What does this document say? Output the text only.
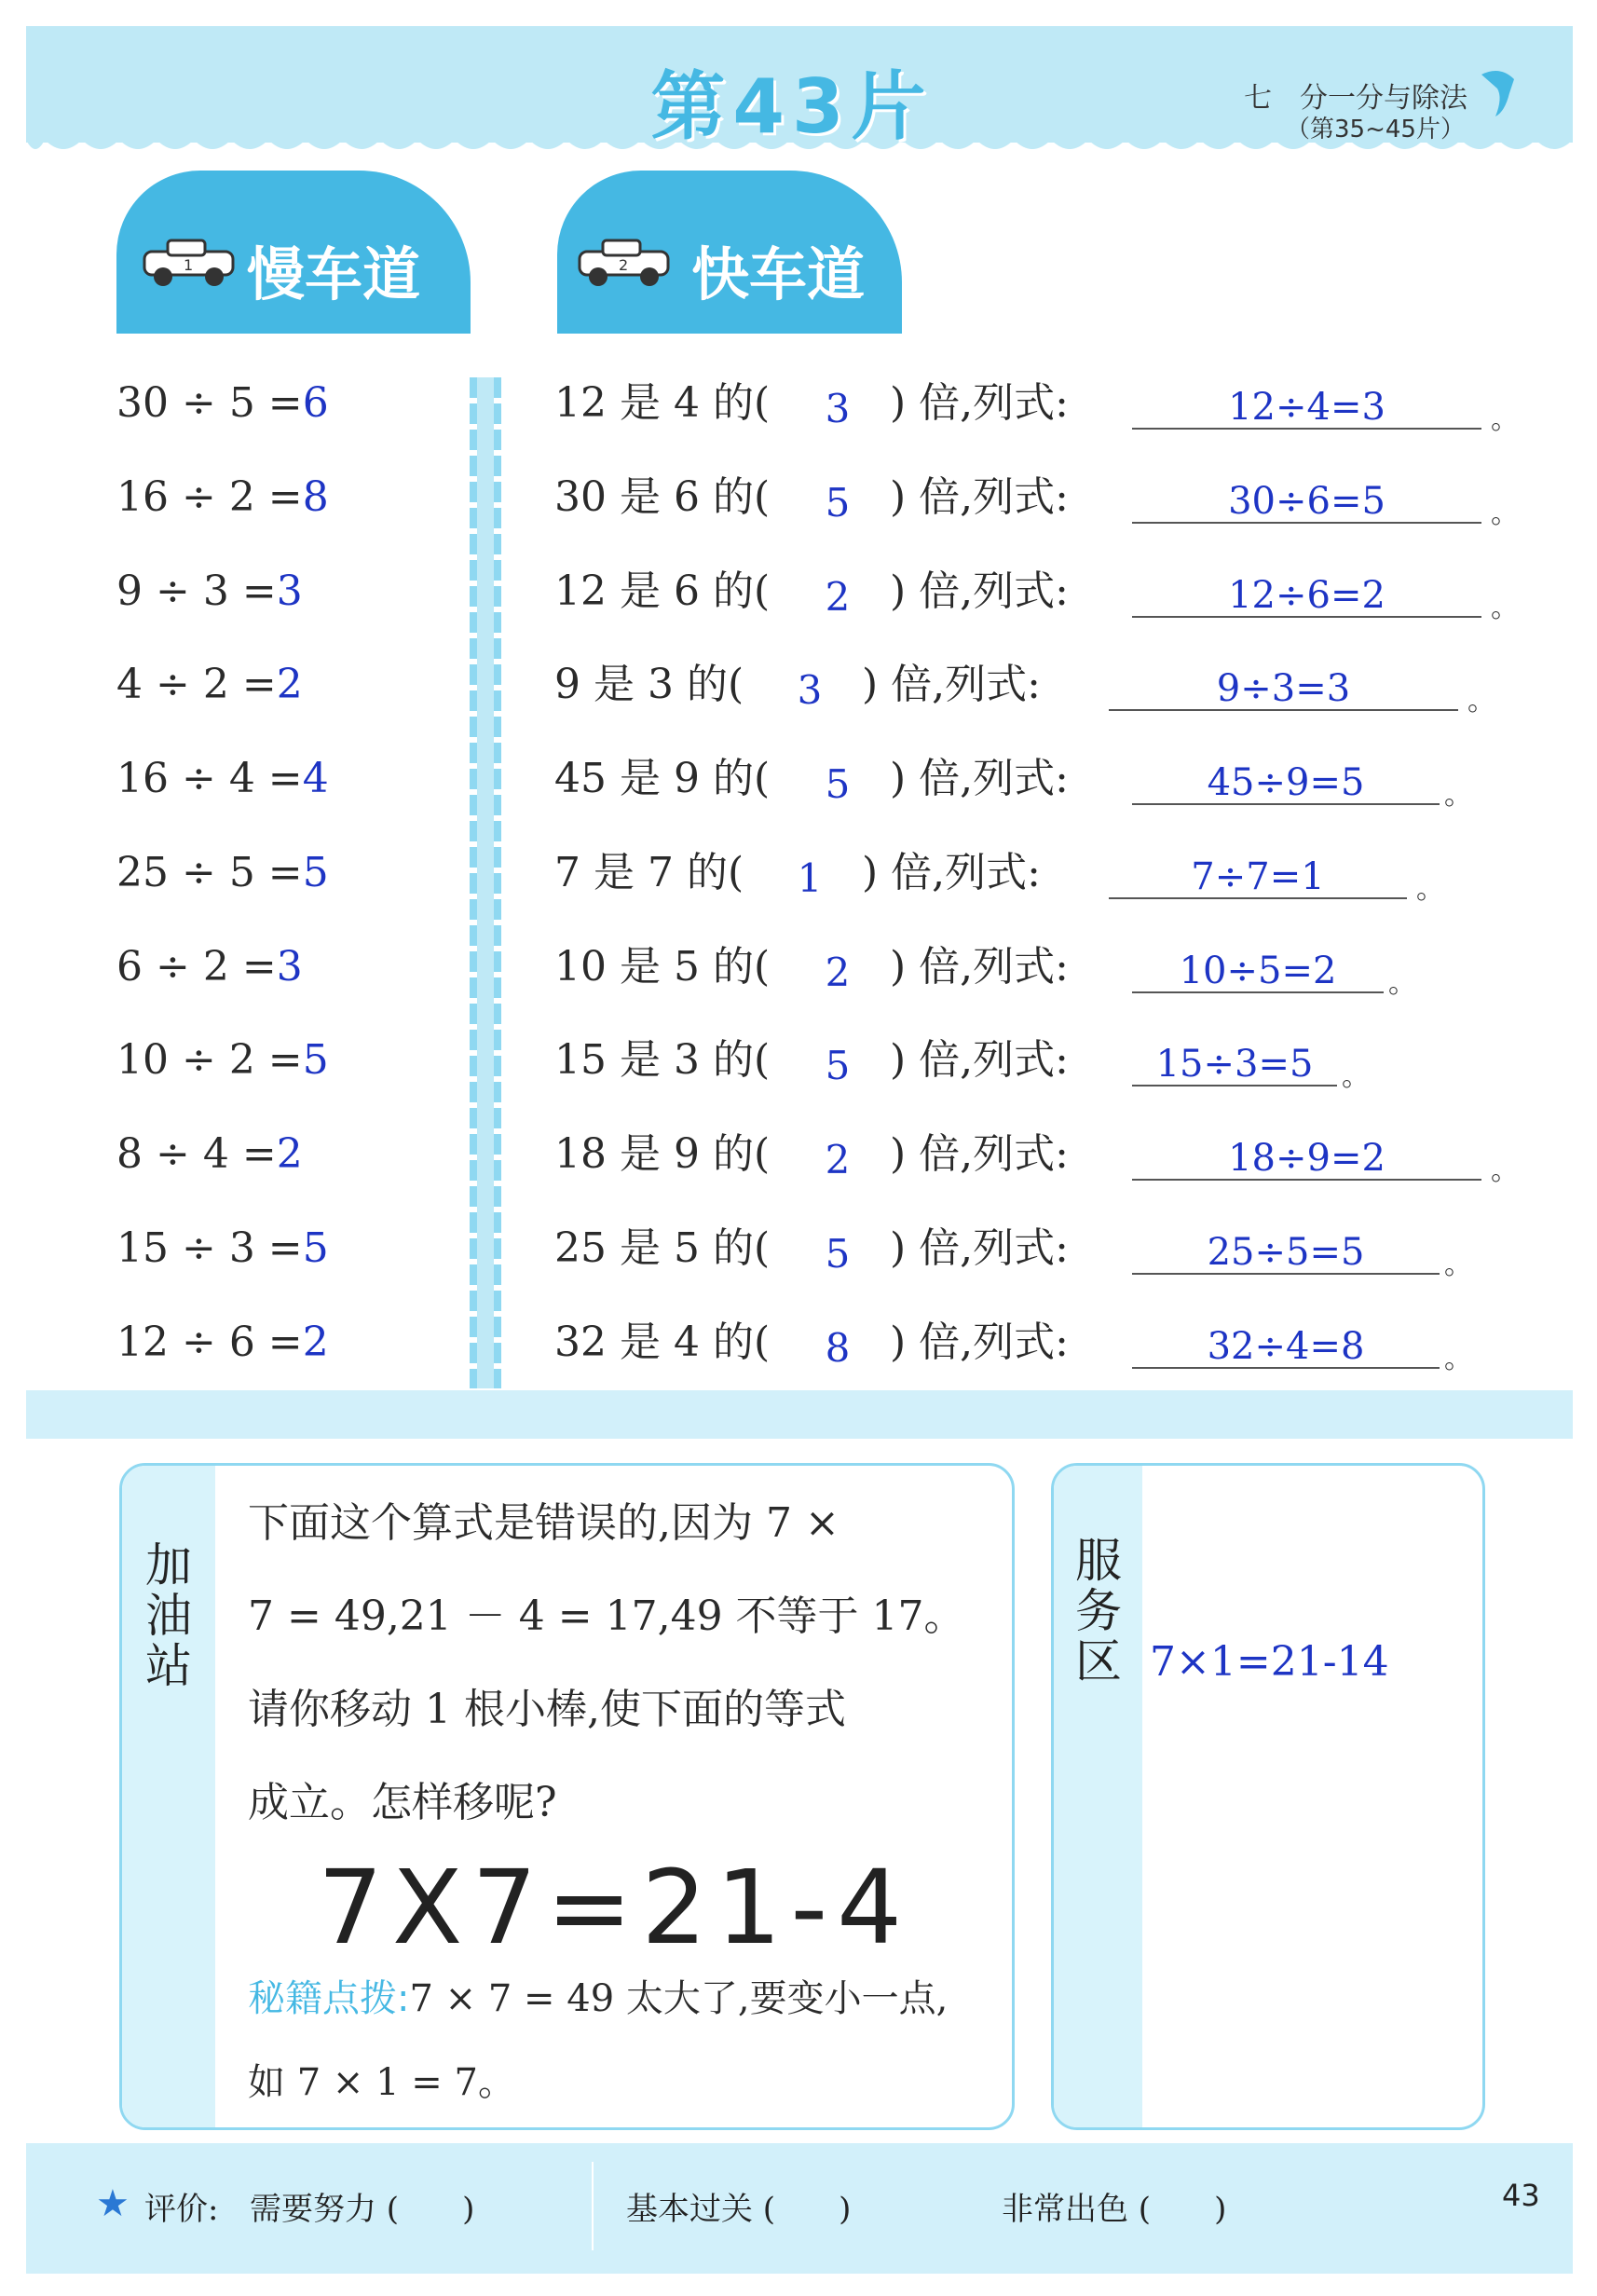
第43片	七　分一分与除法
（第35~45片）
1 慢车道	2 快车道
30 ÷ 5 =6
16 ÷ 2 =8
9 ÷ 3 =3
4 ÷ 2 =2
16 ÷ 4 =4
25 ÷ 5 =5
6 ÷ 2 =3
10 ÷ 2 =5
8 ÷ 4 =2
15 ÷ 3 =5
12 ÷ 6 =2
12 是 4 的( 3 ) 倍,列式:	12÷4=3	。
30 是 6 的( 5 ) 倍,列式:	30÷6=5	。
12 是 6 的( 2 ) 倍,列式:	12÷6=2	。
9 是 3 的( 3 ) 倍,列式:	9÷3=3	。
45 是 9 的( 5 ) 倍,列式:	45÷9=5	。
7 是 7 的( 1 ) 倍,列式:	7÷7=1	。
10 是 5 的( 2 ) 倍,列式:	10÷5=2	。
15 是 3 的( 5 ) 倍,列式:	15÷3=5	。
18 是 9 的( 2 ) 倍,列式:	18÷9=2	。
25 是 5 的( 5 ) 倍,列式:	25÷5=5	。
32 是 4 的( 8 ) 倍,列式:	32÷4=8	。
加油站
下面这个算式是错误的,因为 7 ×
7 = 49,21 － 4 = 17,49 不等于 17。
请你移动 1 根小棒,使下面的等式
成立。怎样移呢?
7X7=21-4
秘籍点拨:7 × 7 = 49 太大了,要变小一点,
如 7 × 1 = 7。
服务区 7×1=21-14
★ 评价: 需要努力 (　　)	基本过关 (　　)	非常出色 (　　)	43
